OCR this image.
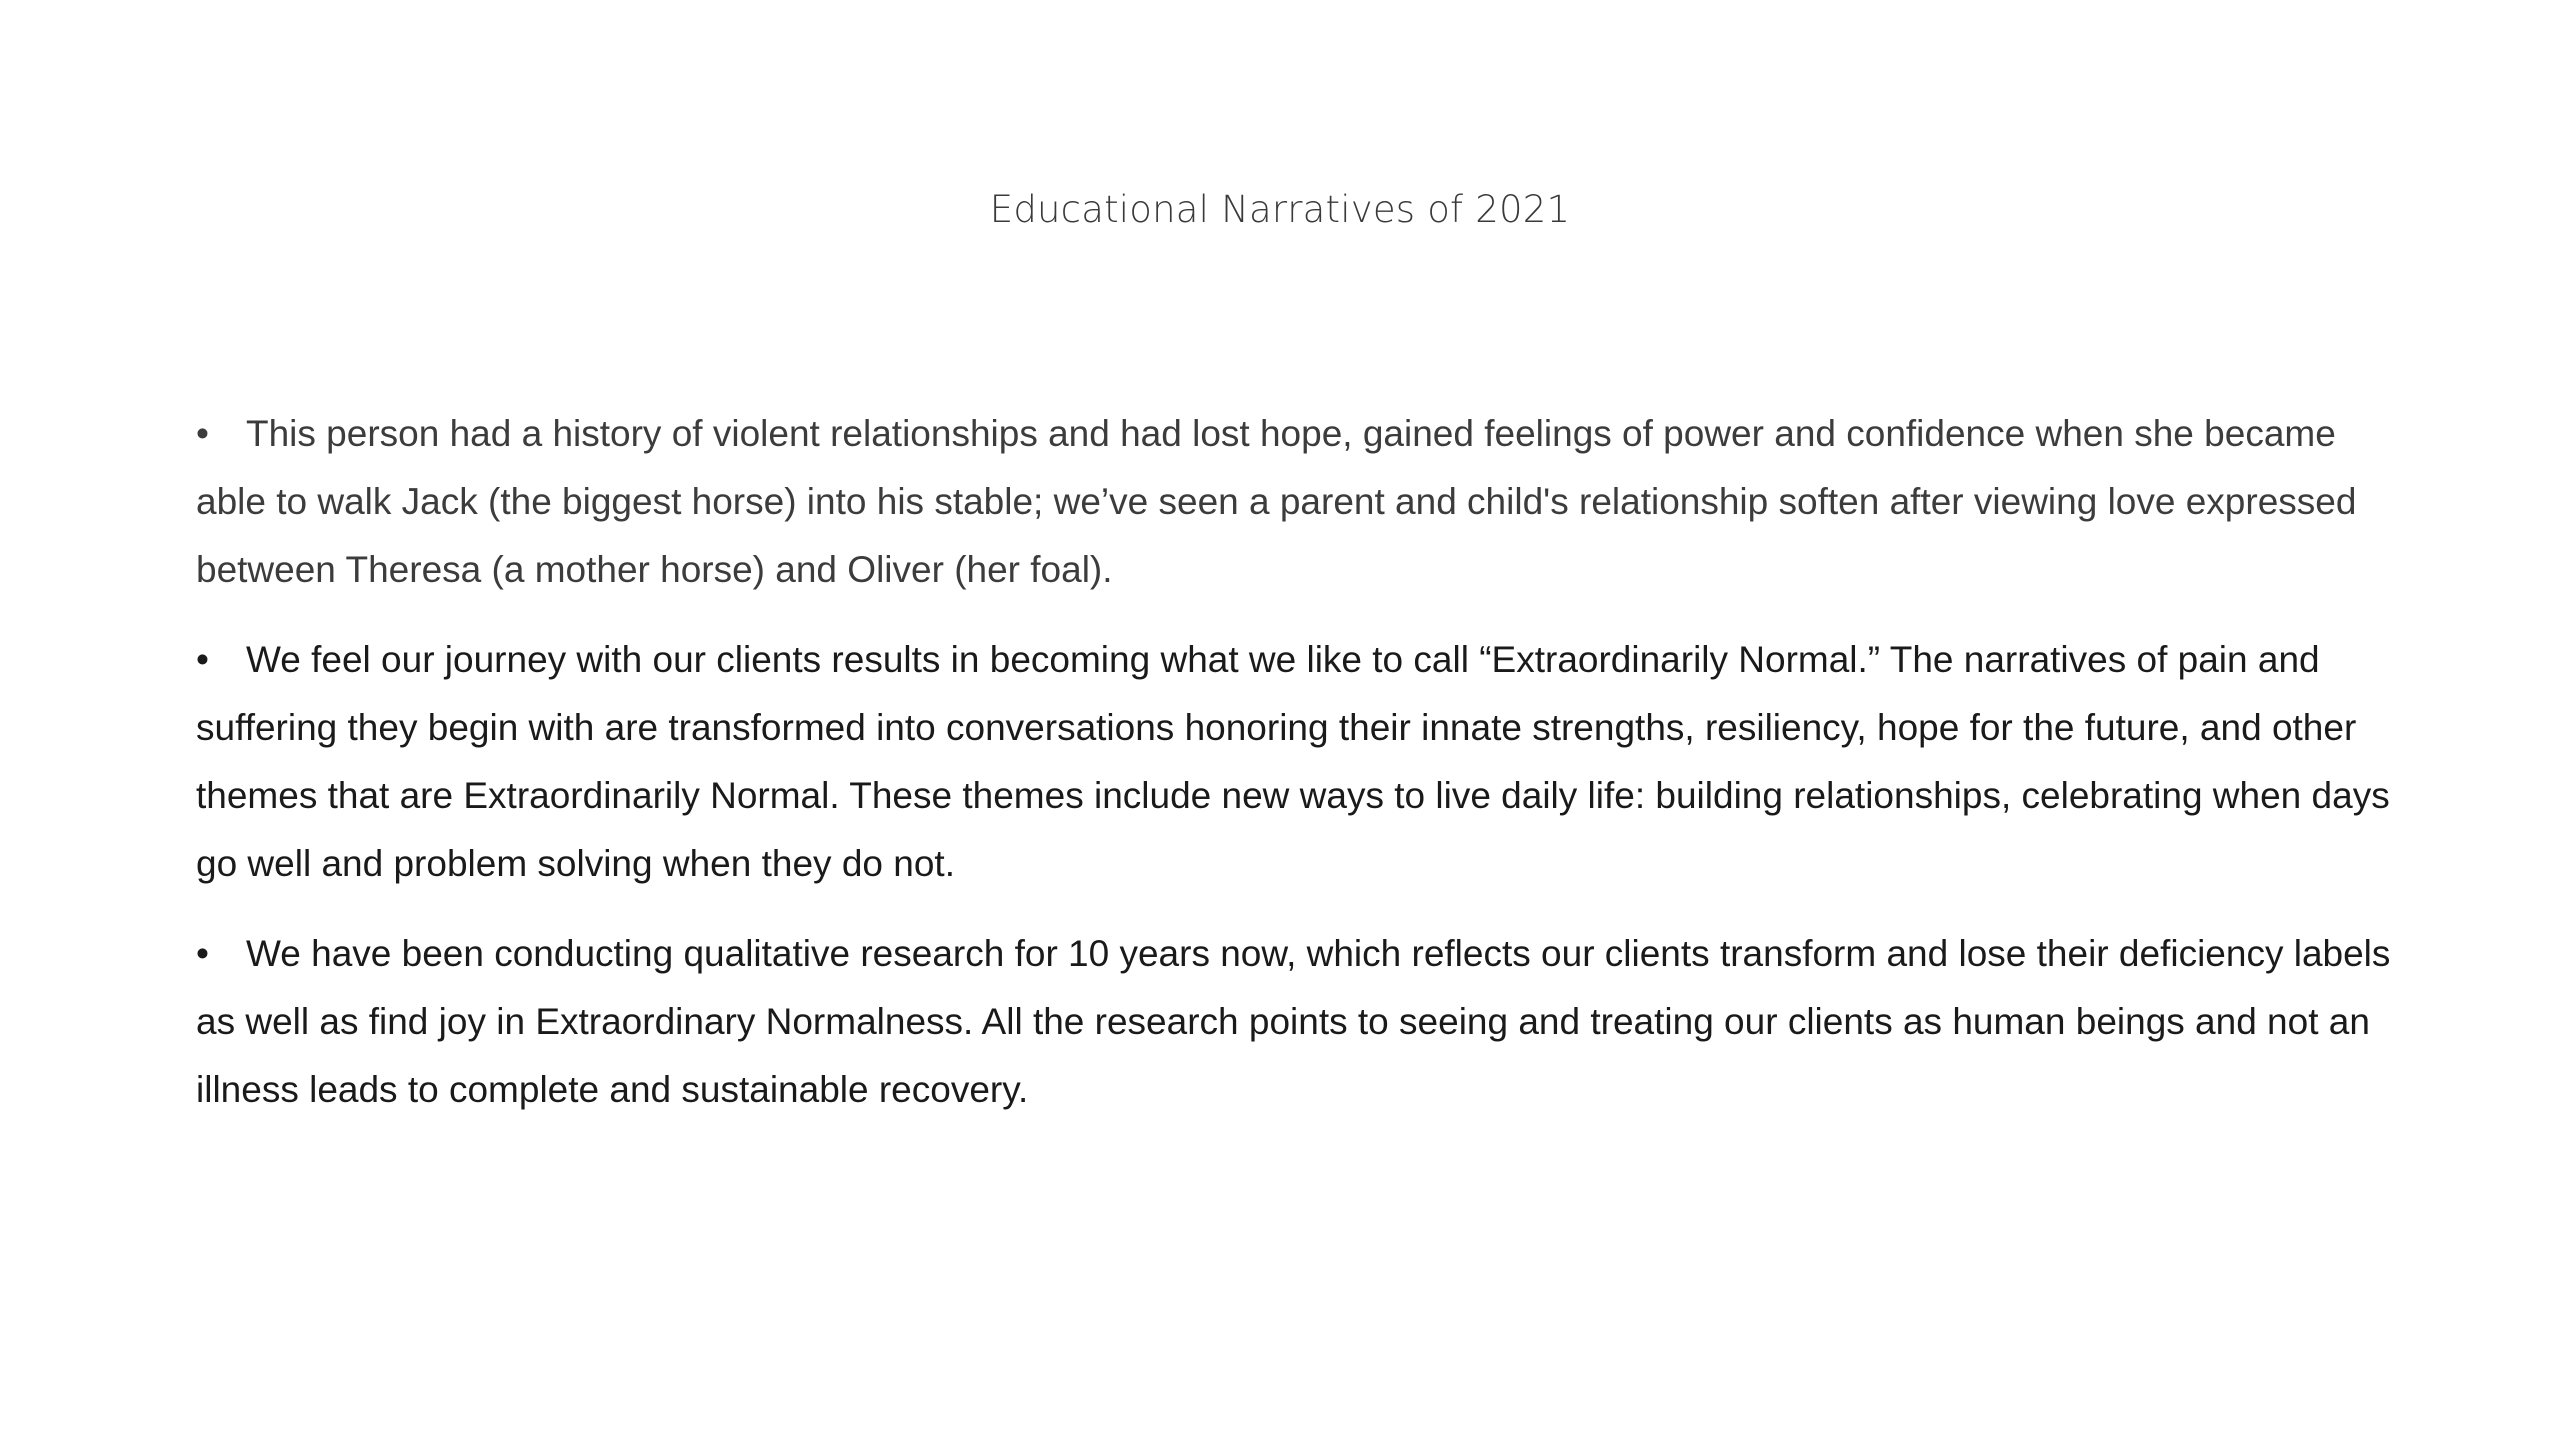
Educational Narratives of 2021
• This person had a history of violent relationships and had lost hope, gained feelings of power and confidence when she became able to walk Jack (the biggest horse) into his stable; we’ve seen a parent and child's relationship soften after viewing love expressed between Theresa (a mother horse) and Oliver (her foal).
• We feel our journey with our clients results in becoming what we like to call “Extraordinarily Normal.” The narratives of pain and suffering they begin with are transformed into conversations honoring their innate strengths, resiliency, hope for the future, and other themes that are Extraordinarily Normal. These themes include new ways to live daily life: building relationships, celebrating when days go well and problem solving when they do not.
• We have been conducting qualitative research for 10 years now, which reflects our clients transform and lose their deficiency labels as well as find joy in Extraordinary Normalness. All the research points to seeing and treating our clients as human beings and not an illness leads to complete and sustainable recovery.
